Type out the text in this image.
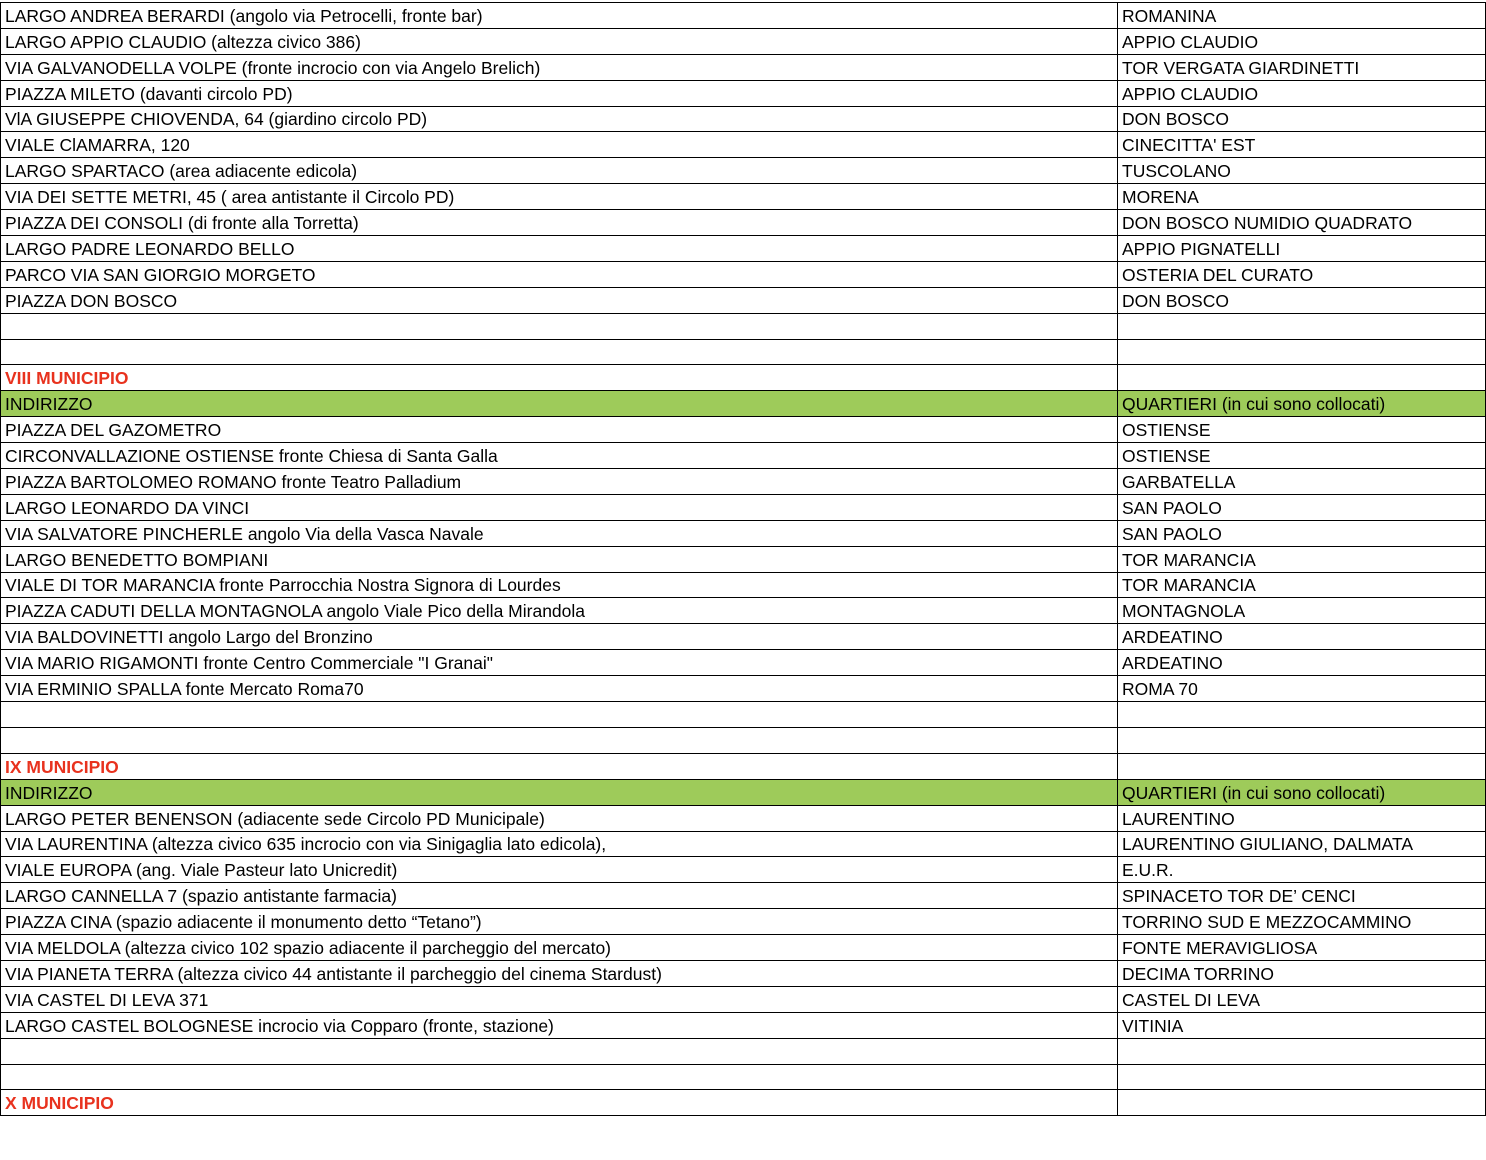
LARGO ANDREA BERARDI (angolo via Petrocelli, fronte bar)	ROMANINA
LARGO APPIO CLAUDIO (altezza civico 386)	APPIO CLAUDIO
VIA GALVANODELLA VOLPE (fronte incrocio con via Angelo Brelich)	TOR VERGATA GIARDINETTI
PIAZZA MILETO (davanti circolo PD)	APPIO CLAUDIO
VlA GIUSEPPE CHIOVENDA, 64 (giardino circolo PD)	DON BOSCO
VIALE ClAMARRA, 120	CINECITTA' EST
LARGO SPARTACO (area adiacente edicola)	TUSCOLANO
VIA DEI SETTE METRI, 45 ( area antistante il Circolo PD)	MORENA
PIAZZA DEI CONSOLI (di fronte alla Torretta)	DON BOSCO NUMIDIO QUADRATO
LARGO PADRE LEONARDO BELLO	APPIO PIGNATELLI
PARCO VIA SAN GIORGIO MORGETO	OSTERIA DEL CURATO
PIAZZA DON BOSCO	DON BOSCO

VIII MUNICIPIO	
INDIRIZZO	QUARTIERI (in cui sono collocati)
PIAZZA DEL GAZOMETRO	OSTIENSE
CIRCONVALLAZIONE OSTIENSE fronte Chiesa di Santa Galla	OSTIENSE
PIAZZA BARTOLOMEO ROMANO fronte Teatro Palladium	GARBATELLA
LARGO LEONARDO DA VINCI	SAN PAOLO
VIA SALVATORE PINCHERLE angolo Via della Vasca Navale	SAN PAOLO
LARGO BENEDETTO BOMPIANI	TOR MARANCIA
VIALE DI TOR MARANCIA fronte Parrocchia Nostra Signora di Lourdes	TOR MARANCIA
PIAZZA CADUTI DELLA MONTAGNOLA angolo Viale Pico della Mirandola	MONTAGNOLA
VIA BALDOVINETTI angolo Largo del Bronzino	ARDEATINO
VIA MARIO RIGAMONTI fronte Centro Commerciale "I Granai"	ARDEATINO
VIA ERMINIO SPALLA fonte Mercato Roma70	ROMA 70

IX MUNICIPIO	
INDIRIZZO	QUARTIERI (in cui sono collocati)
LARGO PETER BENENSON (adiacente sede Circolo PD Municipale)	LAURENTINO
VIA LAURENTINA (altezza civico 635 incrocio con via Sinigaglia lato edicola),	LAURENTINO GIULIANO, DALMATA
VIALE EUROPA (ang. Viale Pasteur lato Unicredit)	E.U.R.
LARGO CANNELLA 7 (spazio antistante farmacia)	SPINACETO TOR DE’ CENCI
PIAZZA CINA (spazio adiacente il monumento detto “Tetano”)	TORRINO SUD E MEZZOCAMMINO
VIA MELDOLA (altezza civico 102 spazio adiacente il parcheggio del mercato)	FONTE MERAVIGLIOSA
VIA PIANETA TERRA (altezza civico 44 antistante il parcheggio del cinema Stardust)	DECIMA TORRINO
VIA CASTEL DI LEVA 371	CASTEL DI LEVA
LARGO CASTEL BOLOGNESE incrocio via Copparo (fronte, stazione)	VITINIA

X MUNICIPIO	
